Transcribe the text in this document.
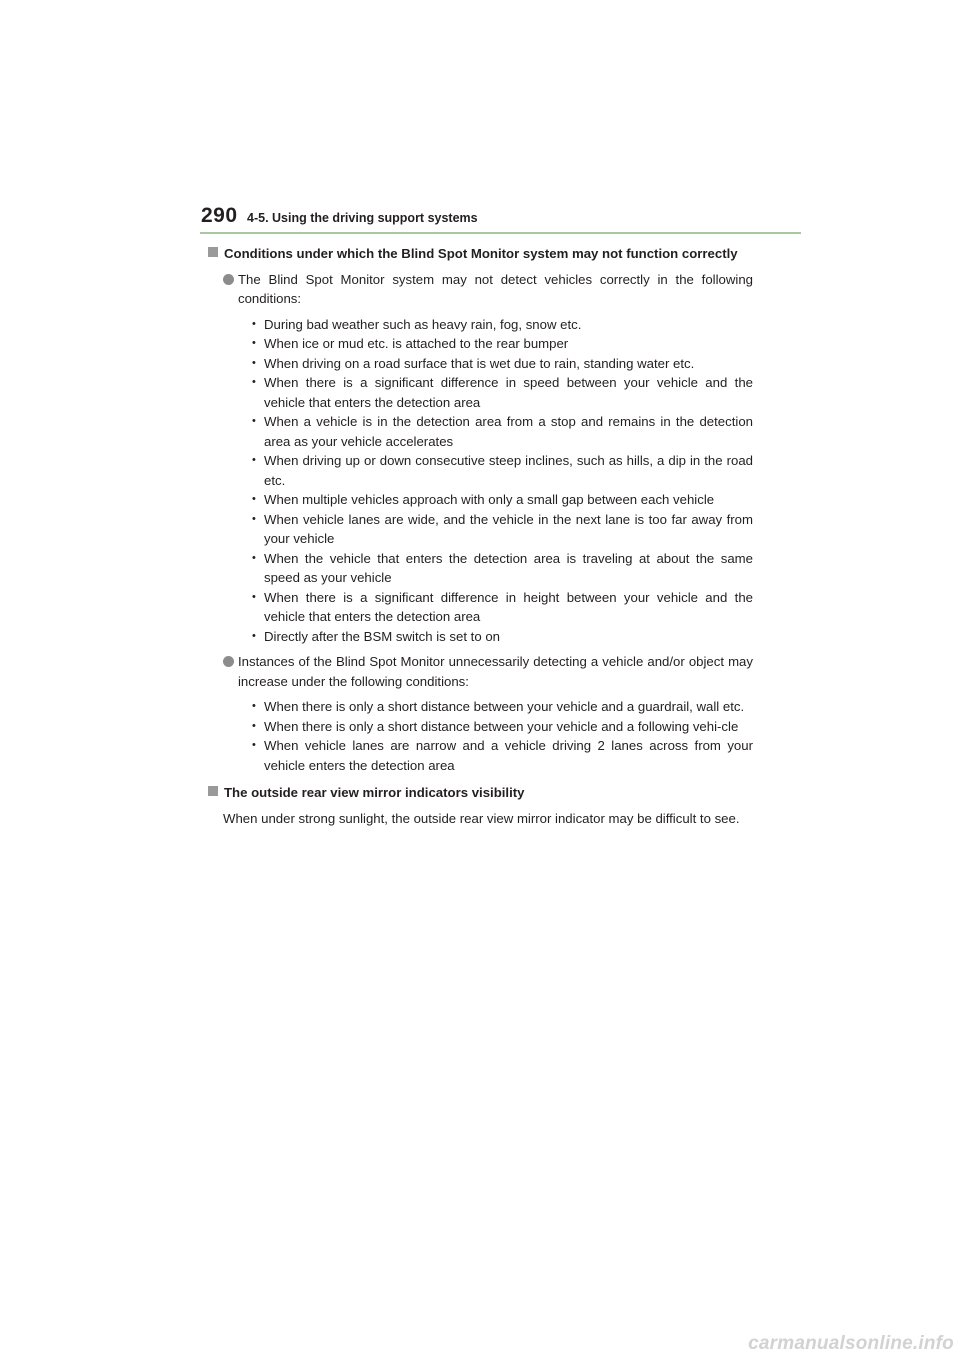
290 4-5. Using the driving support systems
Conditions under which the Blind Spot Monitor system may not function correctly
The Blind Spot Monitor system may not detect vehicles correctly in the following conditions:
• During bad weather such as heavy rain, fog, snow etc.
• When ice or mud etc. is attached to the rear bumper
• When driving on a road surface that is wet due to rain, standing water etc.
• When there is a significant difference in speed between your vehicle and the vehicle that enters the detection area
• When a vehicle is in the detection area from a stop and remains in the detection area as your vehicle accelerates
• When driving up or down consecutive steep inclines, such as hills, a dip in the road etc.
• When multiple vehicles approach with only a small gap between each vehicle
• When vehicle lanes are wide, and the vehicle in the next lane is too far away from your vehicle
• When the vehicle that enters the detection area is traveling at about the same speed as your vehicle
• When there is a significant difference in height between your vehicle and the vehicle that enters the detection area
• Directly after the BSM switch is set to on
Instances of the Blind Spot Monitor unnecessarily detecting a vehicle and/or object may increase under the following conditions:
• When there is only a short distance between your vehicle and a guardrail, wall etc.
• When there is only a short distance between your vehicle and a following vehi-cle
• When vehicle lanes are narrow and a vehicle driving 2 lanes across from your vehicle enters the detection area
The outside rear view mirror indicators visibility
When under strong sunlight, the outside rear view mirror indicator may be difficult to see.
carmanualsonline.info
